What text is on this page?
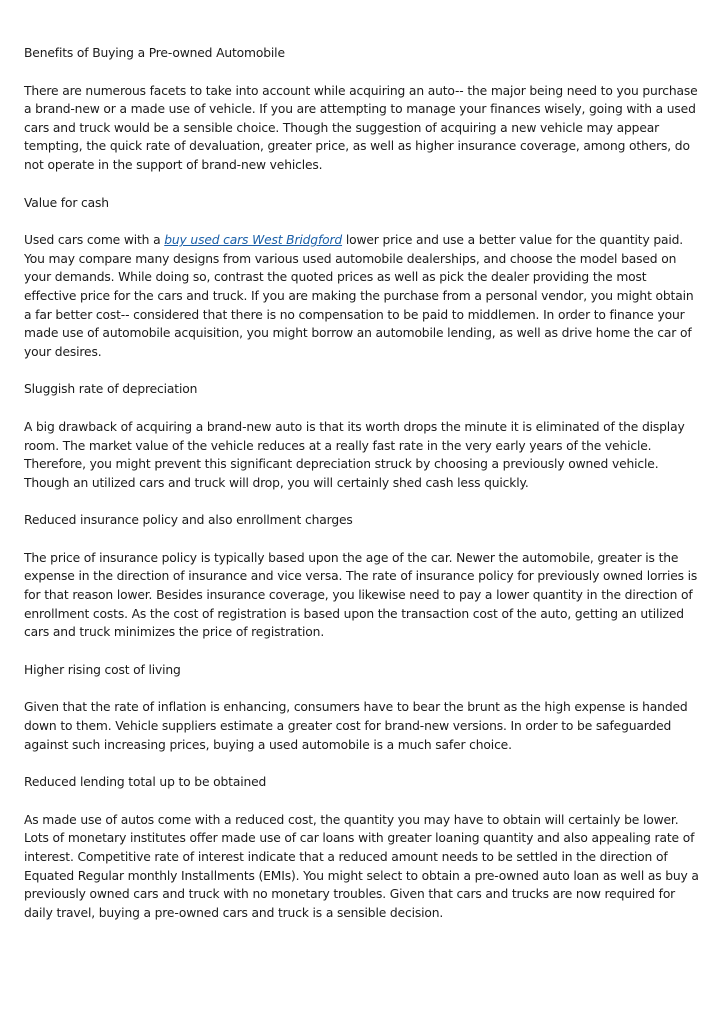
Benefits of Buying a Pre-owned Automobile

There are numerous facets to take into account while acquiring an auto-- the major being need to you purchase a brand-new or a made use of vehicle. If you are attempting to manage your finances wisely, going with a used cars and truck would be a sensible choice. Though the suggestion of acquiring a new vehicle may appear tempting, the quick rate of devaluation, greater price, as well as higher insurance coverage, among others, do not operate in the support of brand-new vehicles.

Value for cash

Used cars come with a buy used cars West Bridgford lower price and use a better value for the quantity paid. You may compare many designs from various used automobile dealerships, and choose the model based on your demands. While doing so, contrast the quoted prices as well as pick the dealer providing the most effective price for the cars and truck. If you are making the purchase from a personal vendor, you might obtain a far better cost-- considered that there is no compensation to be paid to middlemen. In order to finance your made use of automobile acquisition, you might borrow an automobile lending, as well as drive home the car of your desires.

Sluggish rate of depreciation

A big drawback of acquiring a brand-new auto is that its worth drops the minute it is eliminated of the display room. The market value of the vehicle reduces at a really fast rate in the very early years of the vehicle. Therefore, you might prevent this significant depreciation struck by choosing a previously owned vehicle. Though an utilized cars and truck will drop, you will certainly shed cash less quickly.

Reduced insurance policy and also enrollment charges

The price of insurance policy is typically based upon the age of the car. Newer the automobile, greater is the expense in the direction of insurance and vice versa. The rate of insurance policy for previously owned lorries is for that reason lower. Besides insurance coverage, you likewise need to pay a lower quantity in the direction of enrollment costs. As the cost of registration is based upon the transaction cost of the auto, getting an utilized cars and truck minimizes the price of registration.

Higher rising cost of living

Given that the rate of inflation is enhancing, consumers have to bear the brunt as the high expense is handed down to them. Vehicle suppliers estimate a greater cost for brand-new versions. In order to be safeguarded against such increasing prices, buying a used automobile is a much safer choice.

Reduced lending total up to be obtained

As made use of autos come with a reduced cost, the quantity you may have to obtain will certainly be lower. Lots of monetary institutes offer made use of car loans with greater loaning quantity and also appealing rate of interest. Competitive rate of interest indicate that a reduced amount needs to be settled in the direction of Equated Regular monthly Installments (EMIs). You might select to obtain a pre-owned auto loan as well as buy a previously owned cars and truck with no monetary troubles. Given that cars and trucks are now required for daily travel, buying a pre-owned cars and truck is a sensible decision.
